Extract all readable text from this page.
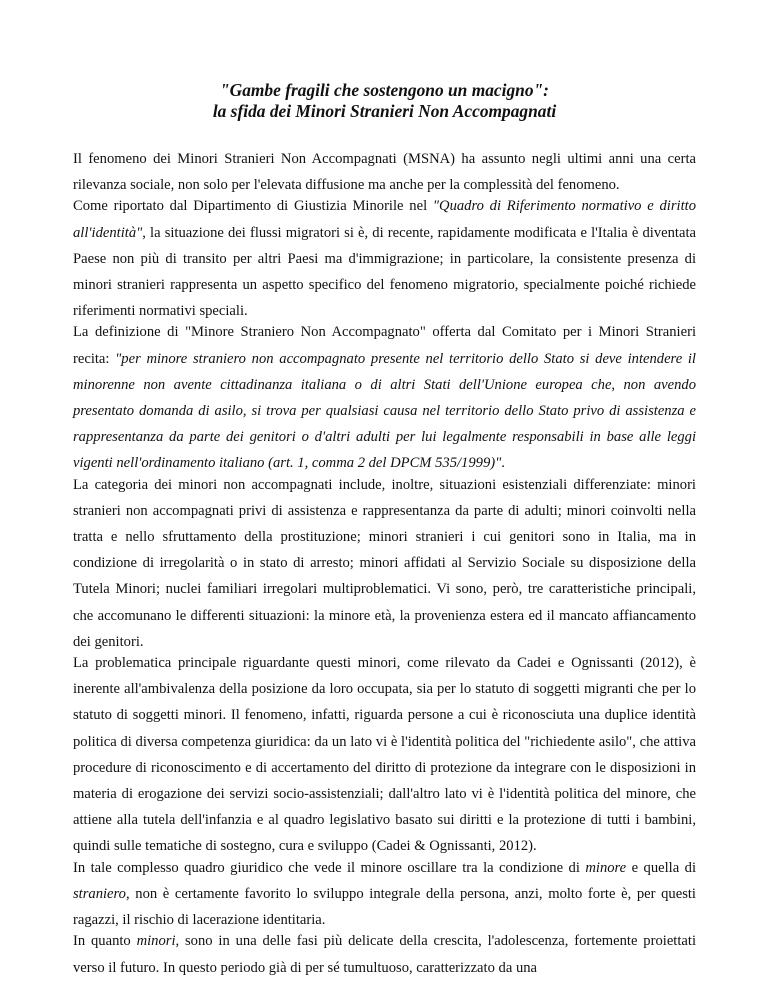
"Gambe fragili che sostengono un macigno":
la sfida dei Minori Stranieri Non Accompagnati

Il fenomeno dei Minori Stranieri Non Accompagnati (MSNA) ha assunto negli ultimi anni una certa rilevanza sociale, non solo per l'elevata diffusione ma anche per la complessità del fenomeno.

Come riportato dal Dipartimento di Giustizia Minorile nel "Quadro di Riferimento normativo e diritto all'identità", la situazione dei flussi migratori si è, di recente, rapidamente modificata e l'Italia è diventata Paese non più di transito per altri Paesi ma d'immigrazione; in particolare, la consistente presenza di minori stranieri rappresenta un aspetto specifico del fenomeno migratorio, specialmente poiché richiede riferimenti normativi speciali.

La definizione di "Minore Straniero Non Accompagnato" offerta dal Comitato per i Minori Stranieri recita: "per minore straniero non accompagnato presente nel territorio dello Stato si deve intendere il minorenne non avente cittadinanza italiana o di altri Stati dell'Unione europea che, non avendo presentato domanda di asilo, si trova per qualsiasi causa nel territorio dello Stato privo di assistenza e rappresentanza da parte dei genitori o d'altri adulti per lui legalmente responsabili in base alle leggi vigenti nell'ordinamento italiano (art. 1, comma 2 del DPCM 535/1999)".

La categoria dei minori non accompagnati include, inoltre, situazioni esistenziali differenziate: minori stranieri non accompagnati privi di assistenza e rappresentanza da parte di adulti; minori coinvolti nella tratta e nello sfruttamento della prostituzione; minori stranieri i cui genitori sono in Italia, ma in condizione di irregolarità o in stato di arresto; minori affidati al Servizio Sociale su disposizione della Tutela Minori; nuclei familiari irregolari multiproblematici. Vi sono, però, tre caratteristiche principali, che accomunano le differenti situazioni: la minore età, la provenienza estera ed il mancato affiancamento dei genitori.

La problematica principale riguardante questi minori, come rilevato da Cadei e Ognissanti (2012), è inerente all'ambivalenza della posizione da loro occupata, sia per lo statuto di soggetti migranti che per lo statuto di soggetti minori. Il fenomeno, infatti, riguarda persone a cui è riconosciuta una duplice identità politica di diversa competenza giuridica: da un lato vi è l'identità politica del "richiedente asilo", che attiva procedure di riconoscimento e di accertamento del diritto di protezione da integrare con le disposizioni in materia di erogazione dei servizi socio-assistenziali; dall'altro lato vi è l'identità politica del minore, che attiene alla tutela dell'infanzia e al quadro legislativo basato sui diritti e la protezione di tutti i bambini, quindi sulle tematiche di sostegno, cura e sviluppo (Cadei & Ognissanti, 2012).

In tale complesso quadro giuridico che vede il minore oscillare tra la condizione di minore e quella di straniero, non è certamente favorito lo sviluppo integrale della persona, anzi, molto forte è, per questi ragazzi, il rischio di lacerazione identitaria.

In quanto minori, sono in una delle fasi più delicate della crescita, l'adolescenza, fortemente proiettati verso il futuro. In questo periodo già di per sé tumultuoso, caratterizzato da una
